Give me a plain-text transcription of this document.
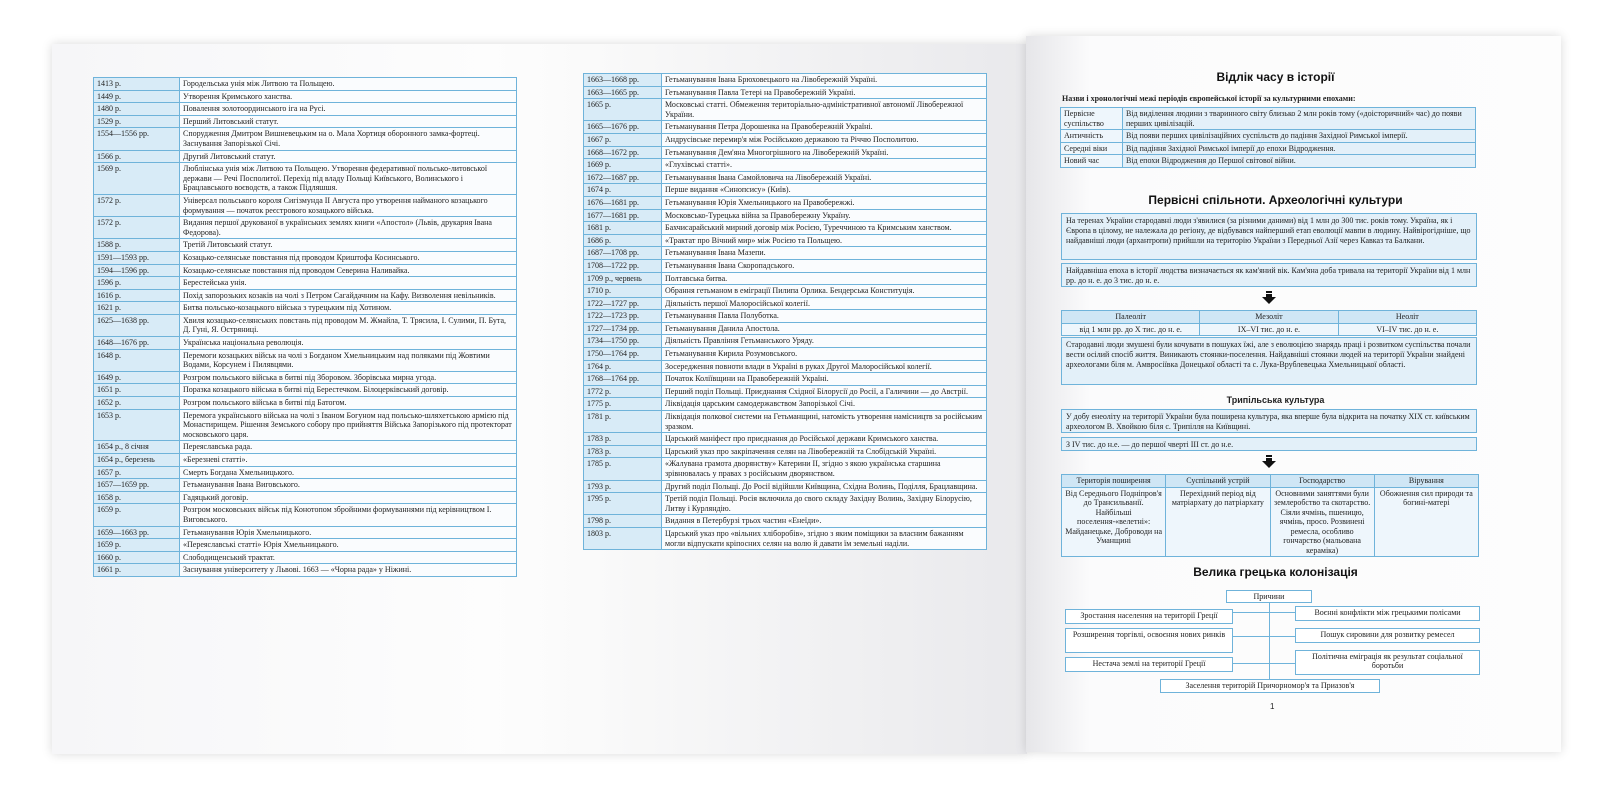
1413 р.	Городельська унія між Литвою та Польщею.
1449 р.	Утворення Кримського ханства.
1480 р.	Повалення золотоординського іга на Русі.
1529 р.	Перший Литовський статут.
1554—1556 рр.	Спорудження Дмитром Вишневецьким на о. Мала Хортиця оборонного замка-фортеці. Заснування Запорізької Січі.
1566 р.	Другий Литовський статут.
1569 р.	Люблінська унія між Литвою та Польщею. Утворення федеративної польсько-литовської держави — Речі Посполитої. Перехід під владу Польщі Київського, Волинського і Брацлавського воєводств, а також Підляшшя.
1572 р.	Універсал польського короля Сигізмунда II Августа про утворення найманого козацького формування — початок реєстрового козацького війська.
1572 р.	Видання першої друкованої в українських землях книги «Апостол» (Львів, друкарня Івана Федорова).
1588 р.	Третій Литовський статут.
1591—1593 рр.	Козацько-селянське повстання під проводом Криштофа Косинського.
1594—1596 рр.	Козацько-селянське повстання під проводом Северина Наливайка.
1596 р.	Берестейська унія.
1616 р.	Похід запорозьких козаків на чолі з Петром Сагайдачним на Кафу. Визволення невільників.
1621 р.	Битва польсько-козацького війська з турецьким під Хотином.
1625—1638 рр.	Хвиля козацько-селянських повстань під проводом М. Жмайла, Т. Трясила, І. Сулими, П. Бута, Д. Гуні, Я. Остряниці.
1648—1676 рр.	Українська національна революція.
1648 р.	Перемоги козацьких військ на чолі з Богданом Хмельницьким над поляками під Жовтими Водами, Корсунем і Пилявцями.
1649 р.	Розгром польського війська в битві під Зборовом. Зборівська мирна угода.
1651 р.	Поразка козацького війська в битві під Берестечком. Білоцерківський договір.
1652 р.	Розгром польського війська в битві під Батогом.
1653 р.	Перемога українського війська на чолі з Іваном Богуном над польсько-шляхетською армією під Монастирищем. Рішення Земського собору про прийняття Війська Запорізького під протекторат московського царя.
1654 р., 8 січня	Переяславська рада.
1654 р., березень	«Березневі статті».
1657 р.	Смерть Богдана Хмельницького.
1657—1659 рр.	Гетьманування Івана Виговського.
1658 р.	Гадяцький договір.
1659 р.	Розгром московських військ під Конотопом збройними формуваннями під керівництвом І. Виговського.
1659—1663 рр.	Гетьманування Юрія Хмельницького.
1659 р.	«Переяславські статті» Юрія Хмельницького.
1660 р.	Слободищенський трактат.
1661 р.	Заснування університету у Львові. 1663 — «Чорна рада» у Ніжині.
1663—1668 рр.	Гетьманування Івана Брюховецького на Лівобережній Україні.
1663—1665 рр.	Гетьманування Павла Тетері на Правобережній Україні.
1665 р.	Московські статті. Обмеження територіально-адміністративної автономії Лівобережної України.
1665—1676 рр.	Гетьманування Петра Дорошенка на Правобережній Україні.
1667 р.	Андрусівське перемир'я між Російською державою та Річчю Посполитою.
1668—1672 рр.	Гетьманування Дем'яна Многогрішного на Лівобережній Україні.
1669 р.	«Глухівські статті».
1672—1687 рр.	Гетьманування Івана Самойловича на Лівобережній Україні.
1674 р.	Перше видання «Синопсису» (Київ).
1676—1681 рр.	Гетьманування Юрія Хмельницького на Правобережжі.
1677—1681 рр.	Московсько-Турецька війна за Правобережну Україну.
1681 р.	Бахчисарайський мирний договір між Росією, Туреччиною та Кримським ханством.
1686 р.	«Трактат про Вічний мир» між Росією та Польщею.
1687—1708 рр.	Гетьманування Івана Мазепи.
1708—1722 рр.	Гетьманування Івана Скоропадського.
1709 р., червень	Полтавська битва.
1710 р.	Обрання гетьманом в еміграції Пилипа Орлика. Бендерська Конституція.
1722—1727 рр.	Діяльність першої Малоросійської колегії.
1722—1723 рр.	Гетьманування Павла Полуботка.
1727—1734 рр.	Гетьманування Данила Апостола.
1734—1750 рр.	Діяльність Правління Гетьманського Уряду.
1750—1764 рр.	Гетьманування Кирила Розумовського.
1764 р.	Зосередження повноти влади в Україні в руках Другої Малоросійської колегії.
1768—1764 рр.	Початок Коліївщини на Правобережній Україні.
1772 р.	Перший поділ Польщі. Приєднання Східної Білорусії до Росії, а Галичини — до Австрії.
1775 р.	Ліквідація царським самодержавством Запорізької Січі.
1781 р.	Ліквідація полкової системи на Гетьманщині, натомість утворення намісництв за російським зразком.
1783 р.	Царський маніфест про приєднання до Російської держави Кримського ханства.
1783 р.	Царський указ про закріпачення селян на Лівобережній та Слобідській Україні.
1785 р.	«Жалувана грамота дворянству» Катерини II, згідно з якою українська старшина зрівнювалась у правах з російським дворянством.
1793 р.	Другий поділ Польщі. До Росії відійшли Київщина, Східна Волинь, Поділля, Брацлавщина.
1795 р.	Третій поділ Польщі. Росія включила до свого складу Західну Волинь, Західну Білорусію, Литву і Курляндію.
1798 р.	Видання в Петербурзі трьох частин «Енеїди».
1803 р.	Царський указ про «вільних хліборобів», згідно з яким поміщики за власним бажанням могли відпускати кріпосних селян на волю й давати їм земельні наділи.
Відлік часу в історії
Назви і хронологічні межі періодів європейської історії за культурними епохами:
Первісне суспільство	Від виділення людини з тваринного світу близько 2 млн років тому («доісторичний» час) до появи перших цивілізацій.
Античність	Від появи перших цивілізаційних суспільств до падіння Західної Римської імперії.
Середні віки	Від падіння Західної Римської імперії до епохи Відродження.
Новий час	Від епохи Відродження до Першої світової війни.
Первісні спільноти. Археологічні культури
На теренах України стародавні люди з'явилися (за різними даними) від 1 млн до 300 тис. років тому. Україна, як і Європа в цілому, не належала до регіону, де відбувався найперший етап еволюції мавпи в людину. Найвірогідніше, що найдавніші люди (архантропи) прийшли на територію України з Передньої Азії через Кавказ та Балкани.
Найдавніша епоха в історії людства визначається як кам'яний вік. Кам'яна доба тривала на території України від 1 млн рр. до н. е. до 3 тис. до н. е.
Палеоліт	Мезоліт	Неоліт
від 1 млн рр. до Х тис. до н. е.	ІХ–VI тис. до н. е.	VI–IV тис. до н. е.
Стародавні люди змушені були кочувати в пошуках їжі, але з еволюцією знарядь праці і розвитком суспільства почали вести осілий спосіб життя. Виникають стоянки-поселення. Найдавніші стоянки людей на території України знайдені археологами біля м. Амвросіївка Донецької області та с. Лука-Врублевецька Хмельницької області.
Трипільська культура
У добу енеоліту на території України була поширена культура, яка вперше була відкрита на початку ХІХ ст. київським археологом В. Хвойкою біля с. Трипілля на Київщині.
З IV тис. до н.е. — до першої чверті III ст. до н.е.
Територія поширення	Суспільний устрій	Господарство	Вірування
Від Середнього Подніпров'я до Трансильванії. Найбільші поселення-«велетні»: Майданецьке, Доброводи на Уманщині	Перехідний період від матріархату до патріархату	Основними заняттями були землеробство та скотарство. Сіяли ячмінь, пшеницю, ячмінь, просо. Розвинені ремесла, особливо гончарство (мальована кераміка)	Обожнення сил природи та богині-матері
Велика грецька колонізація
Причини
Зростання населення на території Греції
Розширення торгівлі, освоєння нових ринків
Нестача землі на території Греції
Воєнні конфлікти між грецькими полісами
Пошук сировини для розвитку ремесел
Політична еміграція як результат соціальної боротьби
Заселення територій Причорномор'я та Приазов'я
1
